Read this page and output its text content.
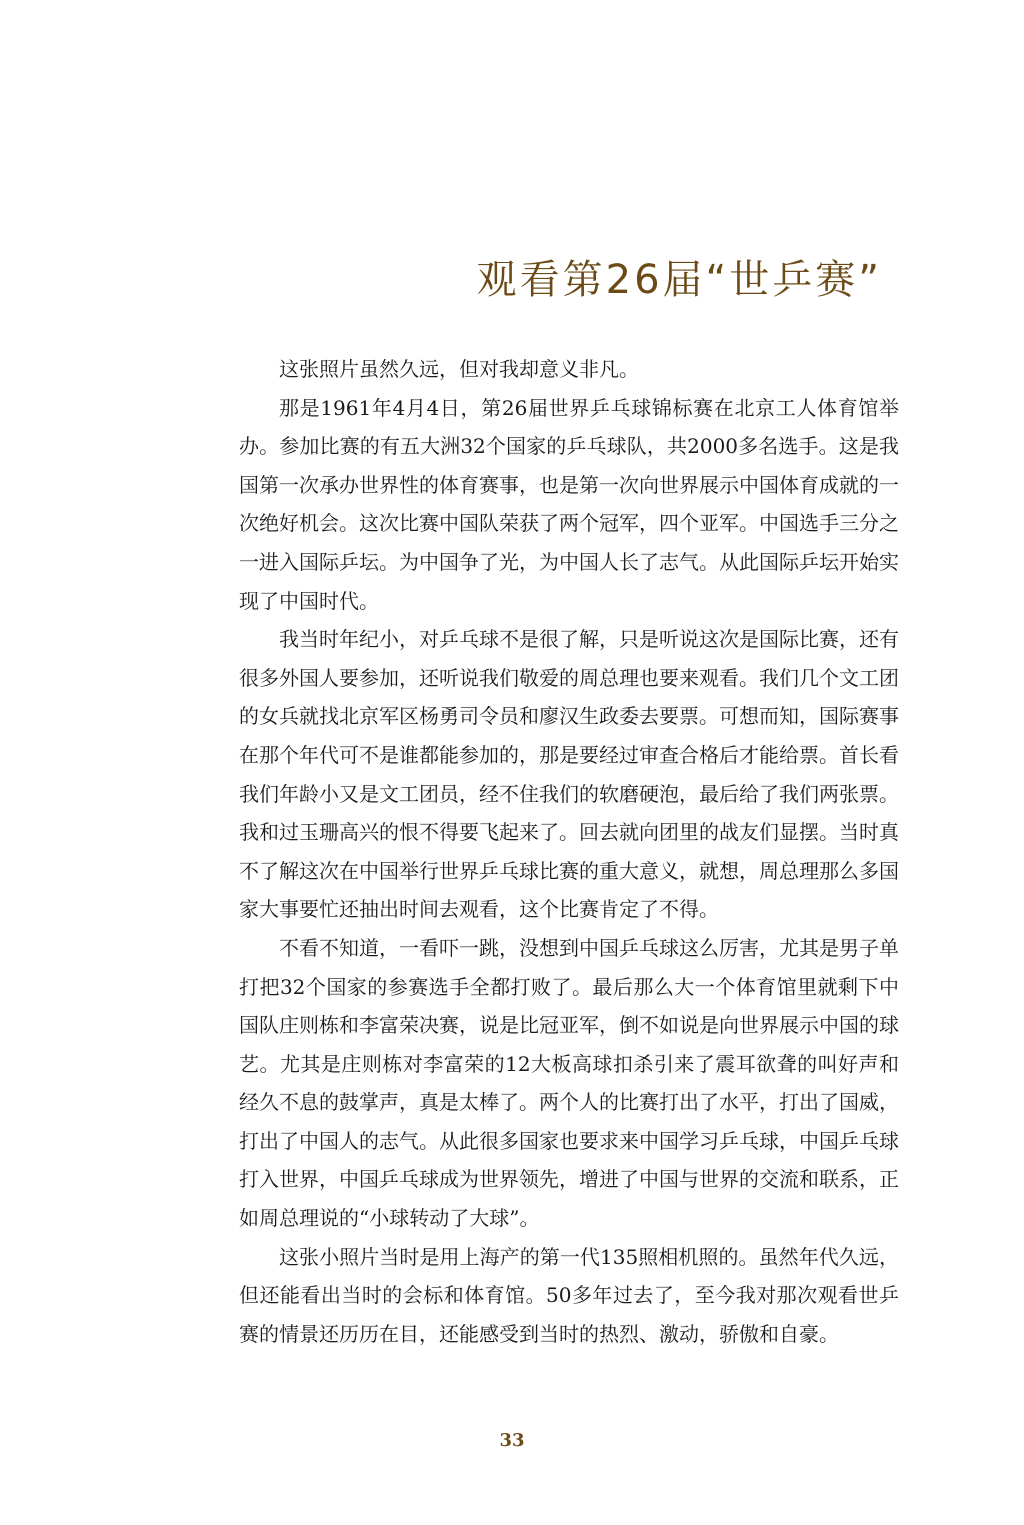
观看第26届“世乒赛”

这张照片虽然久远，但对我却意义非凡。

那是1961年4月4日，第26届世界乒乓球锦标赛在北京工人体育馆举办。参加比赛的有五大洲32个国家的乒乓球队，共2000多名选手。这是我国第一次承办世界性的体育赛事，也是第一次向世界展示中国体育成就的一次绝好机会。这次比赛中国队荣获了两个冠军，四个亚军。中国选手三分之一进入国际乒坛。为中国争了光，为中国人长了志气。从此国际乒坛开始实现了中国时代。

我当时年纪小，对乒乓球不是很了解，只是听说这次是国际比赛，还有很多外国人要参加，还听说我们敬爱的周总理也要来观看。我们几个文工团的女兵就找北京军区杨勇司令员和廖汉生政委去要票。可想而知，国际赛事在那个年代可不是谁都能参加的，那是要经过审查合格后才能给票。首长看我们年龄小又是文工团员，经不住我们的软磨硬泡，最后给了我们两张票。我和过玉珊高兴的恨不得要飞起来了。回去就向团里的战友们显摆。当时真不了解这次在中国举行世界乒乓球比赛的重大意义，就想，周总理那么多国家大事要忙还抽出时间去观看，这个比赛肯定了不得。

不看不知道，一看吓一跳，没想到中国乒乓球这么厉害，尤其是男子单打把32个国家的参赛选手全都打败了。最后那么大一个体育馆里就剩下中国队庄则栋和李富荣决赛，说是比冠亚军，倒不如说是向世界展示中国的球艺。尤其是庄则栋对李富荣的12大板高球扣杀引来了震耳欲聋的叫好声和经久不息的鼓掌声，真是太棒了。两个人的比赛打出了水平，打出了国威，打出了中国人的志气。从此很多国家也要求来中国学习乒乓球，中国乒乓球打入世界，中国乒乓球成为世界领先，增进了中国与世界的交流和联系，正如周总理说的“小球转动了大球”。

这张小照片当时是用上海产的第一代135照相机照的。虽然年代久远，但还能看出当时的会标和体育馆。50多年过去了，至今我对那次观看世乒赛的情景还历历在目，还能感受到当时的热烈、激动，骄傲和自豪。

33
